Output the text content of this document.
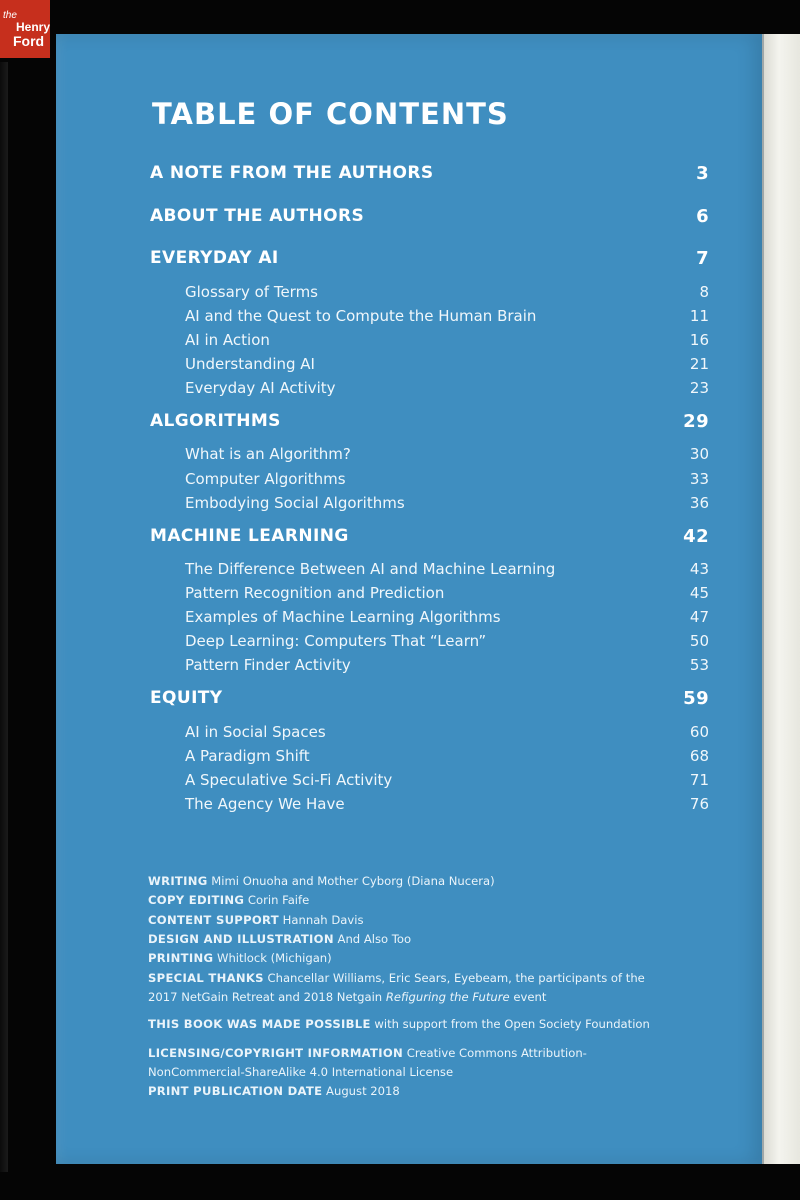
the
Henry
Ford
TABLE OF CONTENTS
A NOTE FROM THE AUTHORS	3
ABOUT THE AUTHORS	6
EVERYDAY AI	7
Glossary of Terms	8
AI and the Quest to Compute the Human Brain	11
AI in Action	16
Understanding AI	21
Everyday AI Activity	23
ALGORITHMS	29
What is an Algorithm?	30
Computer Algorithms	33
Embodying Social Algorithms	36
MACHINE LEARNING	42
The Difference Between AI and Machine Learning	43
Pattern Recognition and Prediction	45
Examples of Machine Learning Algorithms	47
Deep Learning: Computers That “Learn”	50
Pattern Finder Activity	53
EQUITY	59
AI in Social Spaces	60
A Paradigm Shift	68
A Speculative Sci-Fi Activity	71
The Agency We Have	76
WRITING Mimi Onuoha and Mother Cyborg (Diana Nucera)
COPY EDITING Corin Faife
CONTENT SUPPORT Hannah Davis
DESIGN AND ILLUSTRATION And Also Too
PRINTING Whitlock (Michigan)
SPECIAL THANKS Chancellar Williams, Eric Sears, Eyebeam, the participants of the
2017 NetGain Retreat and 2018 Netgain Refiguring the Future event
THIS BOOK WAS MADE POSSIBLE with support from the Open Society Foundation
LICENSING/COPYRIGHT INFORMATION Creative Commons Attribution-
NonCommercial-ShareAlike 4.0 International License
PRINT PUBLICATION DATE August 2018
